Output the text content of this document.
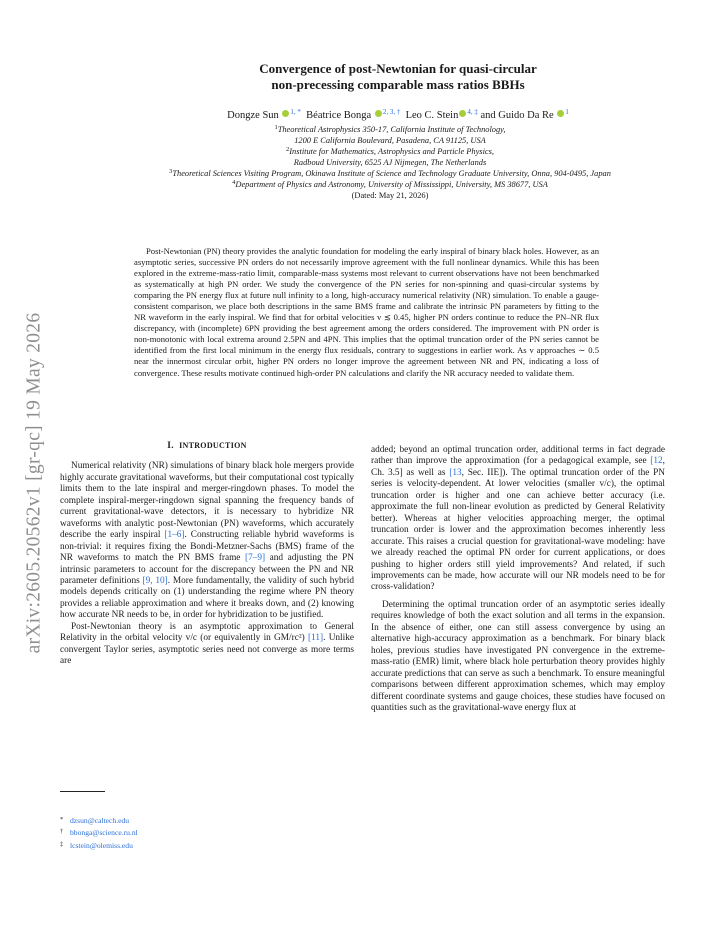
arXiv:2605.20562v1 [gr-qc] 19 May 2026
Convergence of post-Newtonian for quasi-circular
non-precessing comparable mass ratios BBHs
Dongze Sun $^{1, *}$ Béatrice Bonga $^{2, 3, \dagger}$ Leo C. Stein $^{4, \ddagger}$ and Guido Da Re $^1$
$^1$Theoretical Astrophysics 350-17, California Institute of Technology,
1200 E California Boulevard, Pasadena, CA 91125, USA
$^2$Institute for Mathematics, Astrophysics and Particle Physics,
Radboud University, 6525 AJ Nijmegen, The Netherlands
$^3$Theoretical Sciences Visiting Program, Okinawa Institute of Science and Technology Graduate University, Onna, 904-0495, Japan
$^4$Department of Physics and Astronomy, University of Mississippi, University, MS 38677, USA
(Dated: May 21, 2026)

Post-Newtonian (PN) theory provides the analytic foundation for modeling the early inspiral of binary black holes. However, as an asymptotic series, successive PN orders do not necessarily improve agreement with the full nonlinear dynamics. While this has been explored in the extreme-mass-ratio limit, comparable-mass systems most relevant to current observations have not been benchmarked as systematically at high PN order. We study the convergence of the PN series for non-spinning and quasi-circular systems by comparing the PN energy flux at future null infinity to a long, high-accuracy numerical relativity (NR) simulation. To enable a gauge-consistent comparison, we place both descriptions in the same BMS frame and calibrate the intrinsic PN parameters by fitting to the NR waveform in the early inspiral. We find that for orbital velocities v ≲ 0.45, higher PN orders continue to reduce the PN–NR flux discrepancy, with (incomplete) 6PN providing the best agreement among the orders considered. The improvement with PN order is non-monotonic with local extrema around 2.5PN and 4PN. This implies that the optimal truncation order of the PN series cannot be identified from the first local minimum in the energy flux residuals, contrary to suggestions in earlier work. As v approaches ∼ 0.5 near the innermost circular orbit, higher PN orders no longer improve the agreement between NR and PN, indicating a loss of convergence. These results motivate continued high-order PN calculations and clarify the NR accuracy needed to validate them.

I. INTRODUCTION

Numerical relativity (NR) simulations of binary black hole mergers provide highly accurate gravitational waveforms, but their computational cost typically limits them to the late inspiral and merger-ringdown phases. To model the complete inspiral-merger-ringdown signal spanning the frequency bands of current gravitational-wave detectors, it is necessary to hybridize NR waveforms with analytic post-Newtonian (PN) waveforms, which accurately describe the early inspiral [1–6]. Constructing reliable hybrid waveforms is non-trivial: it requires fixing the Bondi-Metzner-Sachs (BMS) frame of the NR waveforms to match the PN BMS frame [7–9] and adjusting the PN intrinsic parameters to account for the discrepancy between the PN and NR parameter definitions [9, 10]. More fundamentally, the validity of such hybrid models depends critically on (1) understanding the regime where PN theory provides a reliable approximation and where it breaks down, and (2) knowing how accurate NR needs to be, in order for hybridization to be justified.

Post-Newtonian theory is an asymptotic approximation to General Relativity in the orbital velocity v/c (or equivalently in GM/rc²) [11]. Unlike convergent Taylor series, asymptotic series need not converge as more terms are

added; beyond an optimal truncation order, additional terms in fact degrade rather than improve the approximation (for a pedagogical example, see [12, Ch. 3.5] as well as [13, Sec. IIE]). The optimal truncation order of the PN series is velocity-dependent. At lower velocities (smaller v/c), the optimal truncation order is higher and one can achieve better accuracy (i.e. approximate the full non-linear evolution as predicted by General Relativity better). Whereas at higher velocities approaching merger, the optimal truncation order is lower and the approximation becomes inherently less accurate. This raises a crucial question for gravitational-wave modeling: have we already reached the optimal PN order for current applications, or does pushing to higher orders still yield improvements? And related, if such improvements can be made, how accurate will our NR models need to be for cross-validation?

Determining the optimal truncation order of an asymptotic series ideally requires knowledge of both the exact solution and all terms in the expansion. In the absence of either, one can still assess convergence by using an alternative high-accuracy approximation as a benchmark. For binary black holes, previous studies have investigated PN convergence in the extreme-mass-ratio (EMR) limit, where black hole perturbation theory provides highly accurate predictions that can serve as such a benchmark. To ensure meaningful comparisons between different approximation schemes, which may employ different coordinate systems and gauge choices, these studies have focused on quantities such as the gravitational-wave energy flux at

* dzsun@caltech.edu
† bbonga@science.ru.nl
‡ lcstein@olemiss.edu
